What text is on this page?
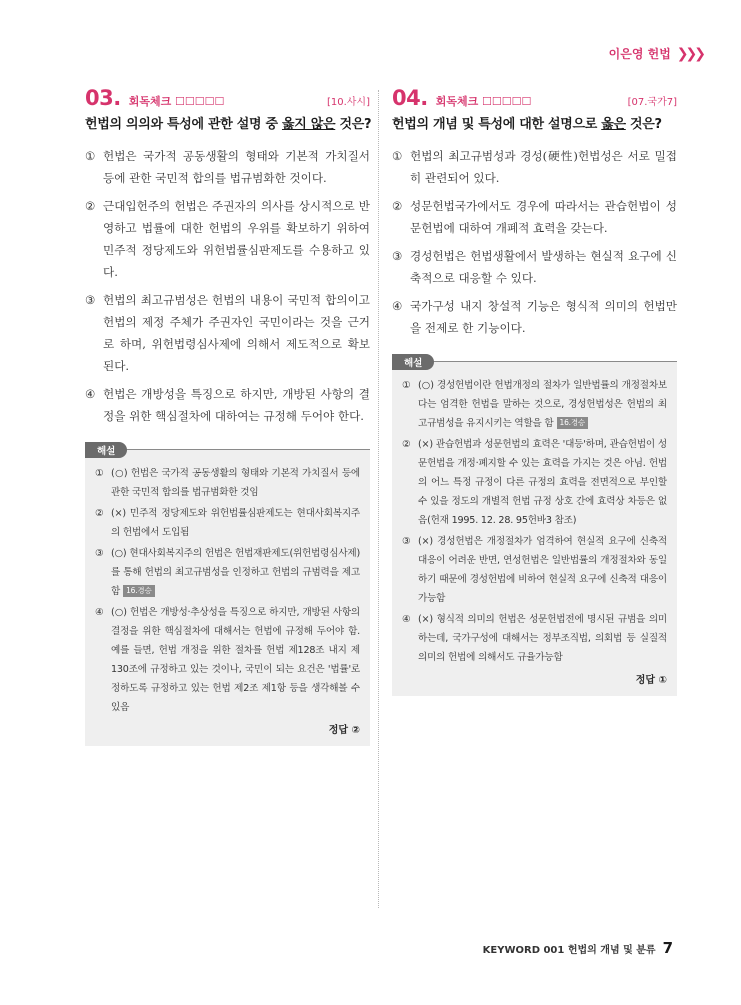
이은영 헌법 ❯❯❯
03. 회독체크 ☐☐☐☐☐	[10.사시]
헌법의 의의와 특성에 관한 설명 중 옳지 않은 것은?
① 헌법은 국가적 공동생활의 형태와 기본적 가치질서 등에 관한 국민적 합의를 법규범화한 것이다.
② 근대입헌주의 헌법은 주권자의 의사를 상시적으로 반영하고 법률에 대한 헌법의 우위를 확보하기 위하여 민주적 정당제도와 위헌법률심판제도를 수용하고 있다.
③ 헌법의 최고규범성은 헌법의 내용이 국민적 합의이고 헌법의 제정 주체가 주권자인 국민이라는 것을 근거로 하며, 위헌법령심사제에 의해서 제도적으로 확보된다.
④ 헌법은 개방성을 특징으로 하지만, 개방된 사항의 결정을 위한 핵심절차에 대하여는 규정해 두어야 한다.
해설
① (○) 헌법은 국가적 공동생활의 형태와 기본적 가치질서 등에 관한 국민적 합의를 법규범화한 것임
② (×) 민주적 정당제도와 위헌법률심판제도는 현대사회복지주의 헌법에서 도입됨
③ (○) 현대사회복지주의 헌법은 헌법재판제도(위헌법령심사제)를 통해 헌법의 최고규범성을 인정하고 헌법의 규범력을 제고함 16.경승
④ (○) 헌법은 개방성·추상성을 특징으로 하지만, 개방된 사항의 결정을 위한 핵심절차에 대해서는 헌법에 규정해 두어야 함. 예를 들면, 헌법 개정을 위한 절차를 헌법 제128조 내지 제130조에 규정하고 있는 것이나, 국민이 되는 요건은 '법률'로 정하도록 규정하고 있는 헌법 제2조 제1항 등을 생각해볼 수 있음
정답 ②
04. 회독체크 ☐☐☐☐☐	[07.국가7]
헌법의 개념 및 특성에 대한 설명으로 옳은 것은?
① 헌법의 최고규범성과 경성(硬性)헌법성은 서로 밀접히 관련되어 있다.
② 성문헌법국가에서도 경우에 따라서는 관습헌법이 성문헌법에 대하여 개폐적 효력을 갖는다.
③ 경성헌법은 헌법생활에서 발생하는 현실적 요구에 신축적으로 대응할 수 있다.
④ 국가구성 내지 창설적 기능은 형식적 의미의 헌법만을 전제로 한 기능이다.
해설
① (○) 경성헌법이란 헌법개정의 절차가 일반법률의 개정절차보다는 엄격한 헌법을 말하는 것으로, 경성헌법성은 헌법의 최고규범성을 유지시키는 역할을 함 16.경승
② (×) 관습헌법과 성문헌법의 효력은 '대등'하며, 관습헌법이 성문헌법을 개정·폐지할 수 있는 효력을 가지는 것은 아님. 헌법의 어느 특정 규정이 다른 규정의 효력을 전면적으로 부인할 수 있을 정도의 개별적 헌법 규정 상호 간에 효력상 차등은 없음(헌재 1995. 12. 28. 95헌바3 참조)
③ (×) 경성헌법은 개정절차가 엄격하여 현실적 요구에 신축적 대응이 어려운 반면, 연성헌법은 일반법률의 개정절차와 동일하기 때문에 경성헌법에 비하여 현실적 요구에 신축적 대응이 가능함
④ (×) 형식적 의미의 헌법은 성문헌법전에 명시된 규범을 의미하는데, 국가구성에 대해서는 정부조직법, 의회법 등 실질적 의미의 헌법에 의해서도 규율가능함
정답 ①
KEYWORD 001 헌법의 개념 및 분류 7
